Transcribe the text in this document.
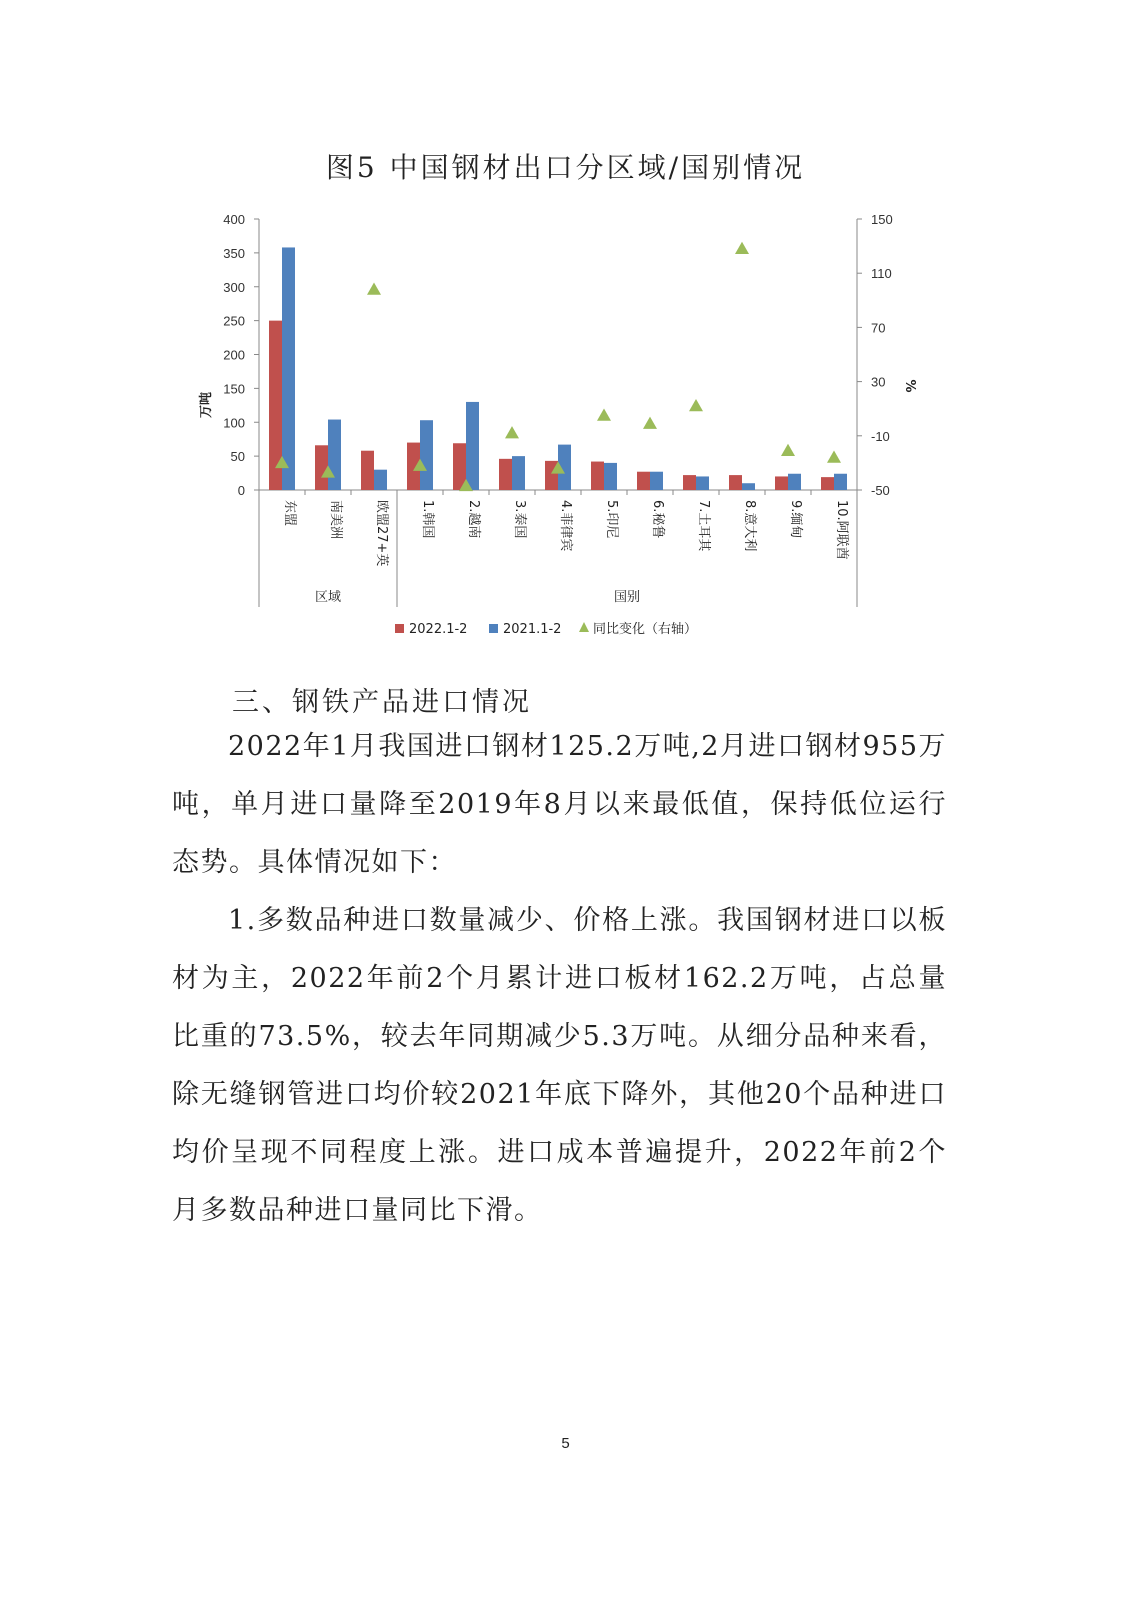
图5 中国钢材出口分区域/国别情况
0
50
100
150
200
250
300
350
400
-50
-10
30
70
110
150
万吨
%
东盟 南美洲 欧盟27+英 1.韩国 2.越南 3.泰国 4.菲律宾 5.印尼 6.秘鲁 7.土耳其 8.意大利 9.缅甸 10.阿联酋
区域	国别
2022.1-2	2021.1-2 同比变化（右轴）
三、钢铁产品进口情况

2022年1月我国进口钢材125.2万吨,2月进口钢材955万吨，单月进口量降至2019年8月以来最低值，保持低位运行态势。具体情况如下：

1.多数品种进口数量减少、价格上涨。我国钢材进口以板材为主，2022年前2个月累计进口板材162.2万吨，占总量比重的73.5%，较去年同期减少5.3万吨。从细分品种来看，除无缝钢管进口均价较2021年底下降外，其他20个品种进口均价呈现不同程度上涨。进口成本普遍提升，2022年前2个月多数品种进口量同比下滑。

5
